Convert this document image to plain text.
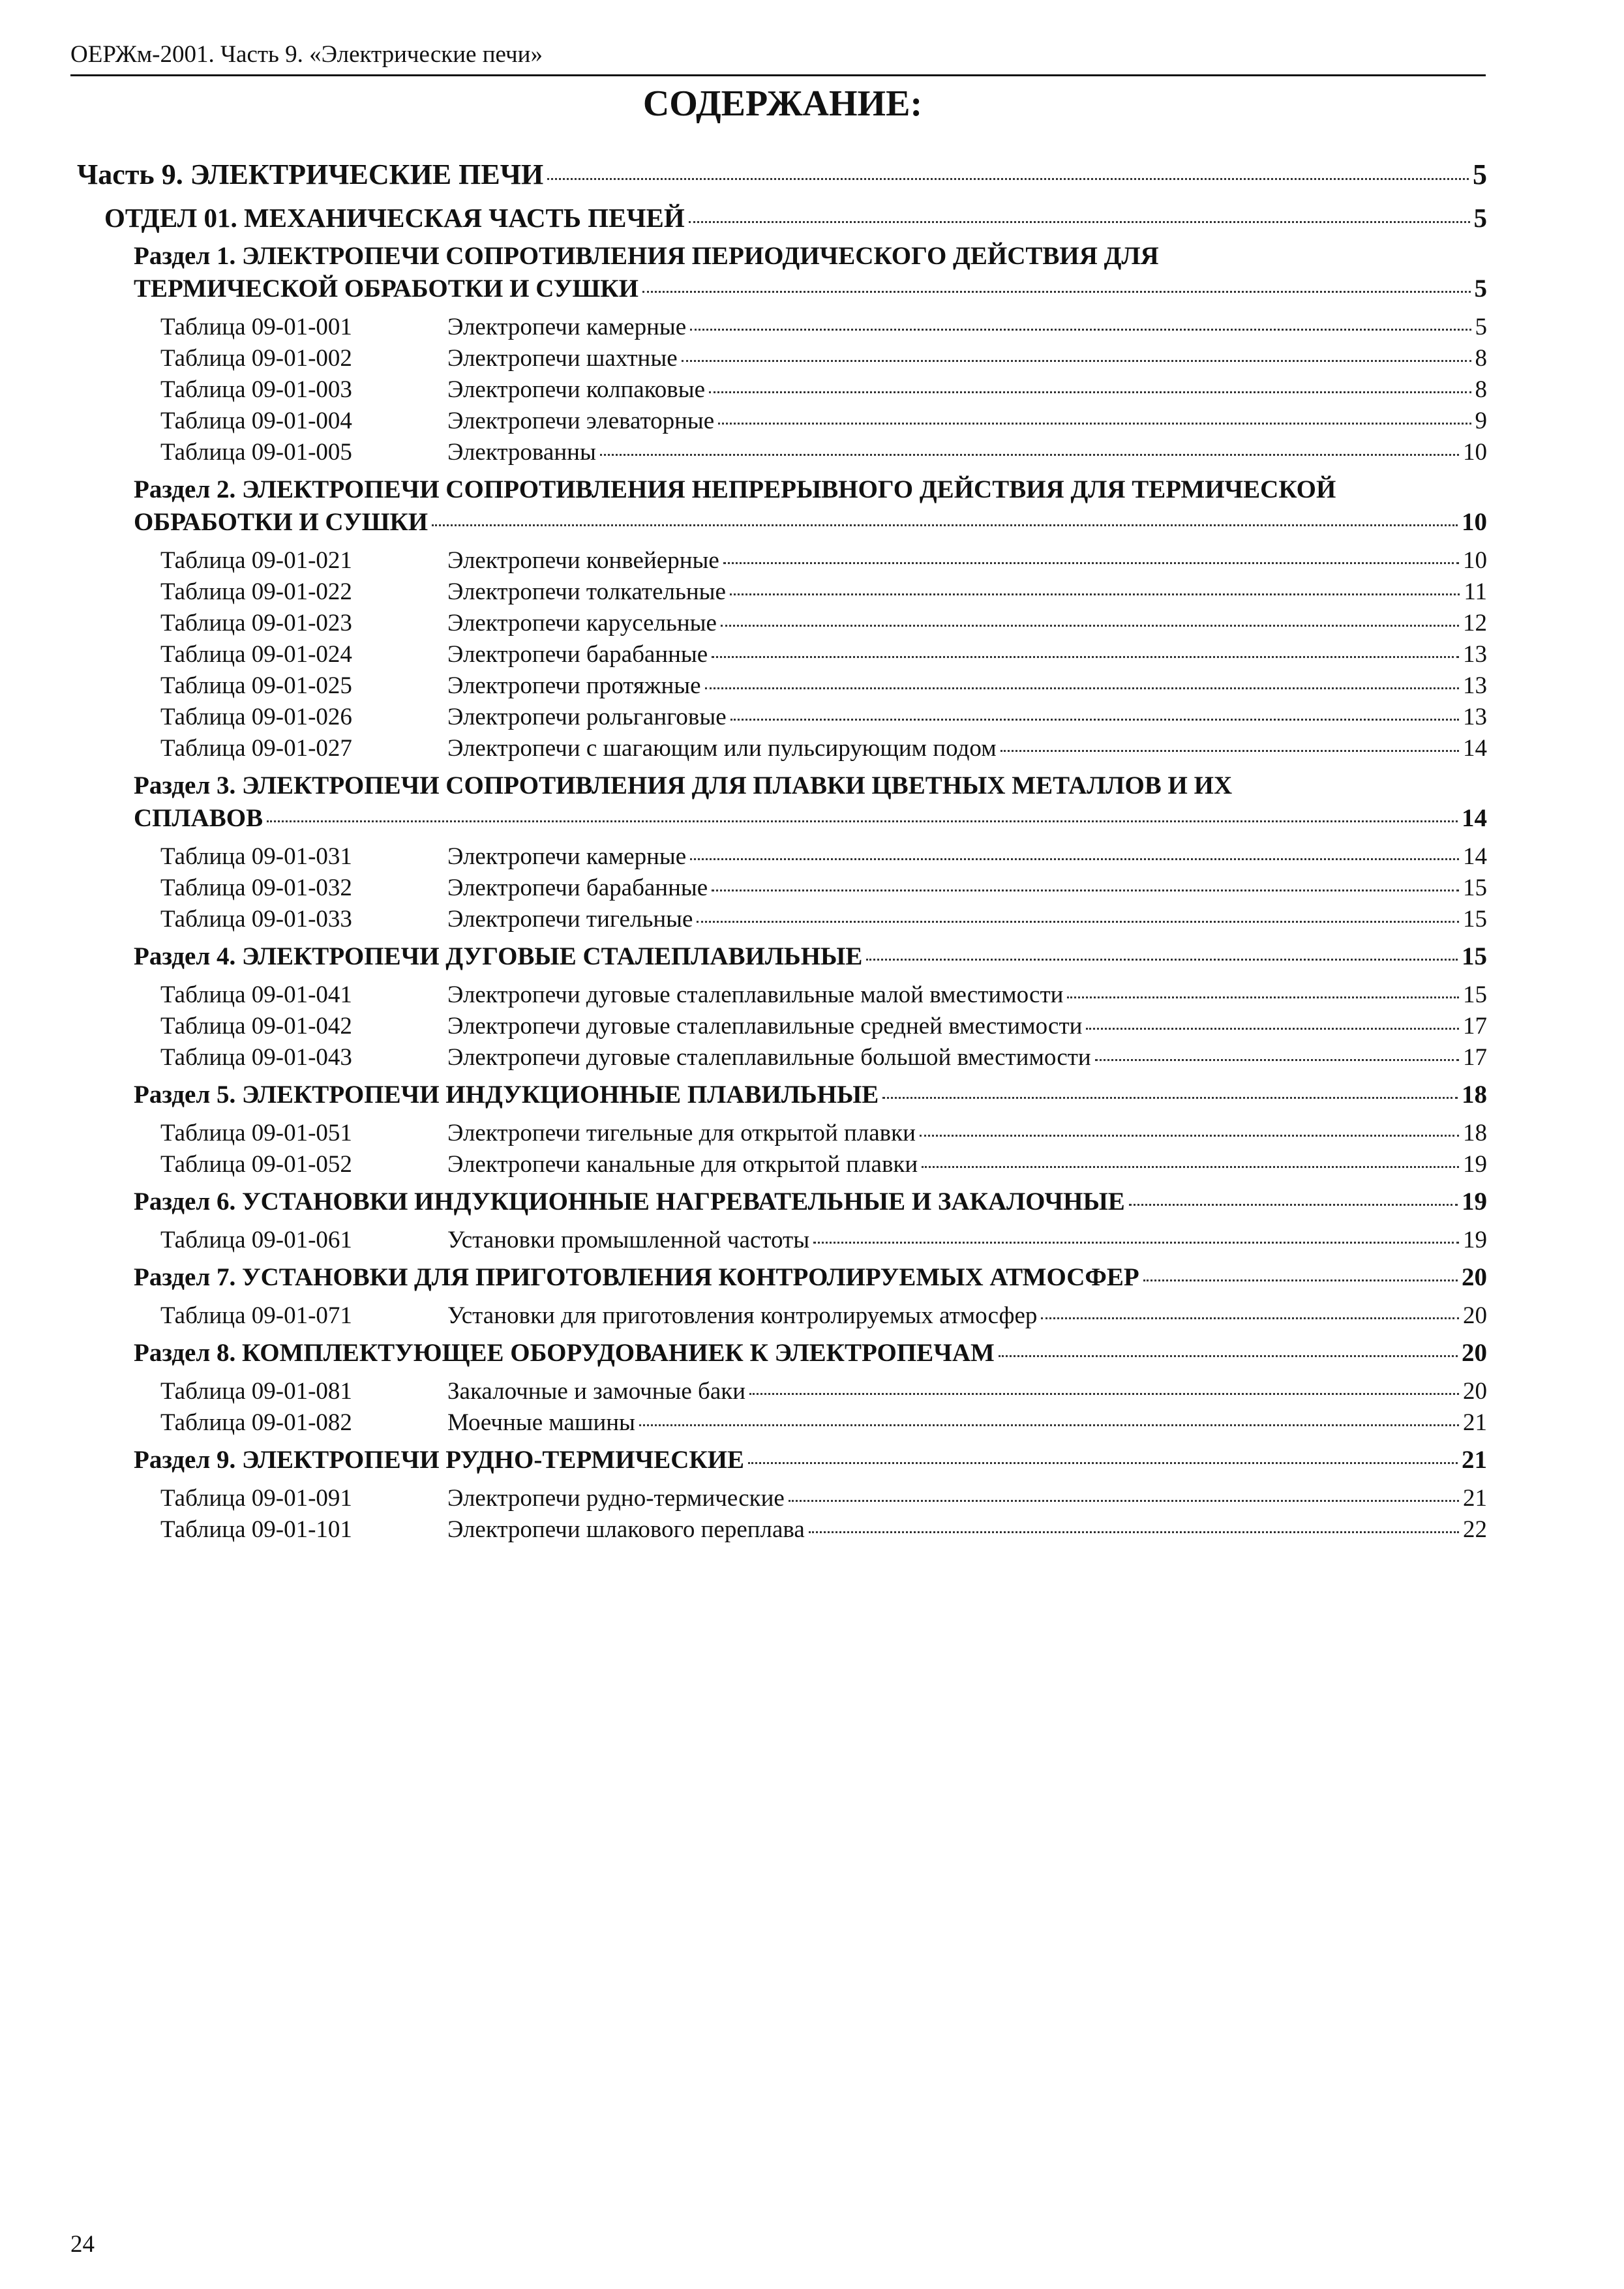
ОЕРЖм-2001. Часть 9. «Электрические печи»
СОДЕРЖАНИЕ:
Часть 9. ЭЛЕКТРИЧЕСКИЕ ПЕЧИ	5
ОТДЕЛ 01. МЕХАНИЧЕСКАЯ ЧАСТЬ ПЕЧЕЙ	5
Раздел 1. ЭЛЕКТРОПЕЧИ СОПРОТИВЛЕНИЯ ПЕРИОДИЧЕСКОГО ДЕЙСТВИЯ ДЛЯ
ТЕРМИЧЕСКОЙ ОБРАБОТКИ И СУШКИ	5
Таблица 09-01-001	Электропечи камерные	5
Таблица 09-01-002	Электропечи шахтные	8
Таблица 09-01-003	Электропечи колпаковые	8
Таблица 09-01-004	Электропечи элеваторные	9
Таблица 09-01-005	Электрованны	10
Раздел 2. ЭЛЕКТРОПЕЧИ СОПРОТИВЛЕНИЯ НЕПРЕРЫВНОГО ДЕЙСТВИЯ ДЛЯ ТЕРМИЧЕСКОЙ
ОБРАБОТКИ И СУШКИ	10
Таблица 09-01-021	Электропечи конвейерные	10
Таблица 09-01-022	Электропечи толкательные	11
Таблица 09-01-023	Электропечи карусельные	12
Таблица 09-01-024	Электропечи барабанные	13
Таблица 09-01-025	Электропечи протяжные	13
Таблица 09-01-026	Электропечи рольганговые	13
Таблица 09-01-027	Электропечи с шагающим или пульсирующим подом	14
Раздел 3. ЭЛЕКТРОПЕЧИ СОПРОТИВЛЕНИЯ ДЛЯ ПЛАВКИ ЦВЕТНЫХ МЕТАЛЛОВ И ИХ
СПЛАВОВ	14
Таблица 09-01-031	Электропечи камерные	14
Таблица 09-01-032	Электропечи барабанные	15
Таблица 09-01-033	Электропечи тигельные	15
Раздел 4. ЭЛЕКТРОПЕЧИ ДУГОВЫЕ СТАЛЕПЛАВИЛЬНЫЕ	15
Таблица 09-01-041	Электропечи дуговые сталеплавильные малой вместимости	15
Таблица 09-01-042	Электропечи дуговые сталеплавильные средней вместимости	17
Таблица 09-01-043	Электропечи дуговые сталеплавильные большой вместимости	17
Раздел 5. ЭЛЕКТРОПЕЧИ ИНДУКЦИОННЫЕ ПЛАВИЛЬНЫЕ	18
Таблица 09-01-051	Электропечи тигельные для открытой плавки	18
Таблица 09-01-052	Электропечи канальные для открытой плавки	19
Раздел 6. УСТАНОВКИ ИНДУКЦИОННЫЕ НАГРЕВАТЕЛЬНЫЕ И ЗАКАЛОЧНЫЕ	19
Таблица 09-01-061	Установки промышленной частоты	19
Раздел 7. УСТАНОВКИ ДЛЯ ПРИГОТОВЛЕНИЯ КОНТРОЛИРУЕМЫХ АТМОСФЕР	20
Таблица 09-01-071	Установки для приготовления контролируемых атмосфер	20
Раздел 8. КОМПЛЕКТУЮЩЕЕ ОБОРУДОВАНИЕК К ЭЛЕКТРОПЕЧАМ	20
Таблица 09-01-081	Закалочные и замочные баки	20
Таблица 09-01-082	Моечные машины	21
Раздел 9. ЭЛЕКТРОПЕЧИ РУДНО-ТЕРМИЧЕСКИЕ	21
Таблица 09-01-091	Электропечи рудно-термические	21
Таблица 09-01-101	Электропечи шлакового переплава	22
24
